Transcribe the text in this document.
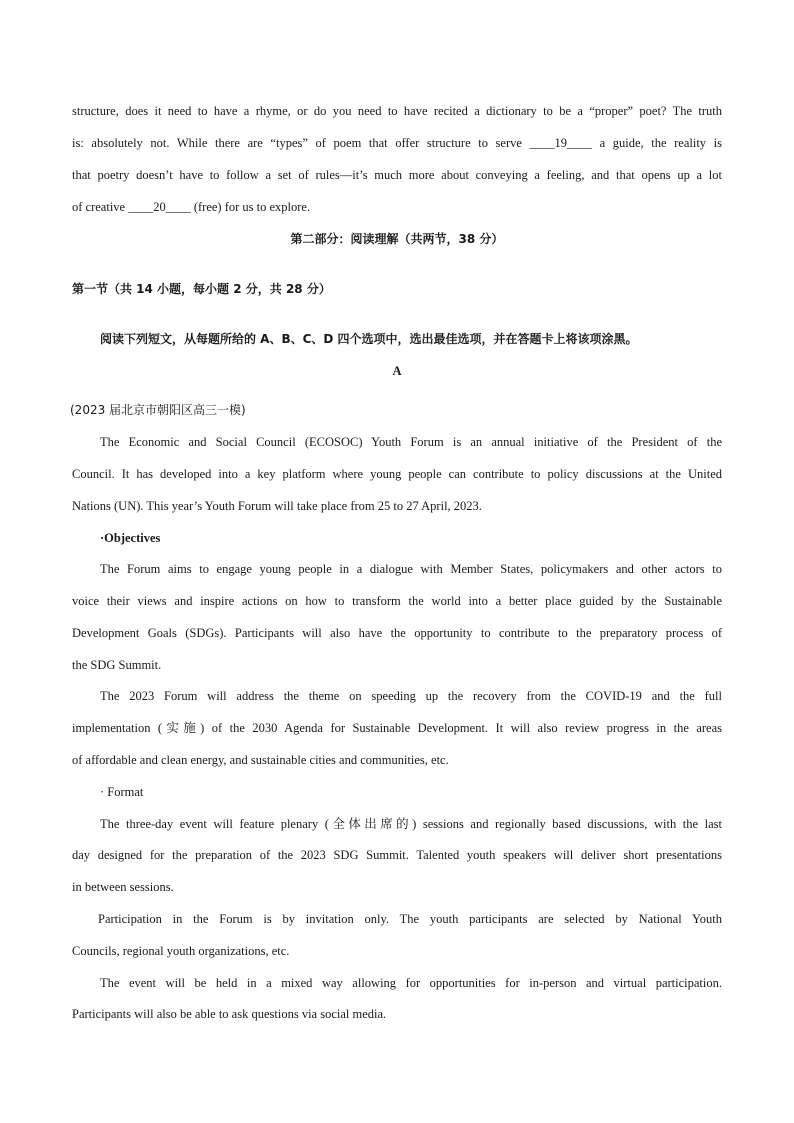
structure, does it need to have a rhyme, or do you need to have recited a dictionary to be a “proper” poet? The truth
is: absolutely not. While there are “types” of poem that offer structure to serve ____19____ a guide, the reality is
that poetry doesn’t have to follow a set of rules—it’s much more about conveying a feeling, and that opens up a lot
of creative ____20____ (free) for us to explore.
第二部分：阅读理解（共两节，38 分）
第一节（共 14 小题，每小题 2 分，共 28 分）
阅读下列短文，从每题所给的 A、B、C、D 四个选项中，选出最佳选项，并在答题卡上将该项涂黑。
A
(2023 届北京市朝阳区高三一模)
The Economic and Social Council (ECOSOC) Youth Forum is an annual initiative of the President of the
Council. It has developed into a key platform where young people can contribute to policy discussions at the United
Nations (UN). This year’s Youth Forum will take place from 25 to 27 April, 2023.
·Objectives
The Forum aims to engage young people in a dialogue with Member States, policymakers and other actors to
voice their views and inspire actions on how to transform the world into a better place guided by the Sustainable
Development Goals (SDGs). Participants will also have the opportunity to contribute to the preparatory process of
the SDG Summit.
The 2023 Forum will address the theme on speeding up the recovery from the COVID-19 and the full
implementation (实施) of the 2030 Agenda for Sustainable Development. It will also review progress in the areas
of affordable and clean energy, and sustainable cities and communities, etc.
· Format
The three-day event will feature plenary (全体出席的) sessions and regionally based discussions, with the last
day designed for the preparation of the 2023 SDG Summit. Talented youth speakers will deliver short presentations
in between sessions.
Participation in the Forum is by invitation only. The youth participants are selected by National Youth
Councils, regional youth organizations, etc.
The event will be held in a mixed way allowing for opportunities for in-person and virtual participation.
Participants will also be able to ask questions via social media.
